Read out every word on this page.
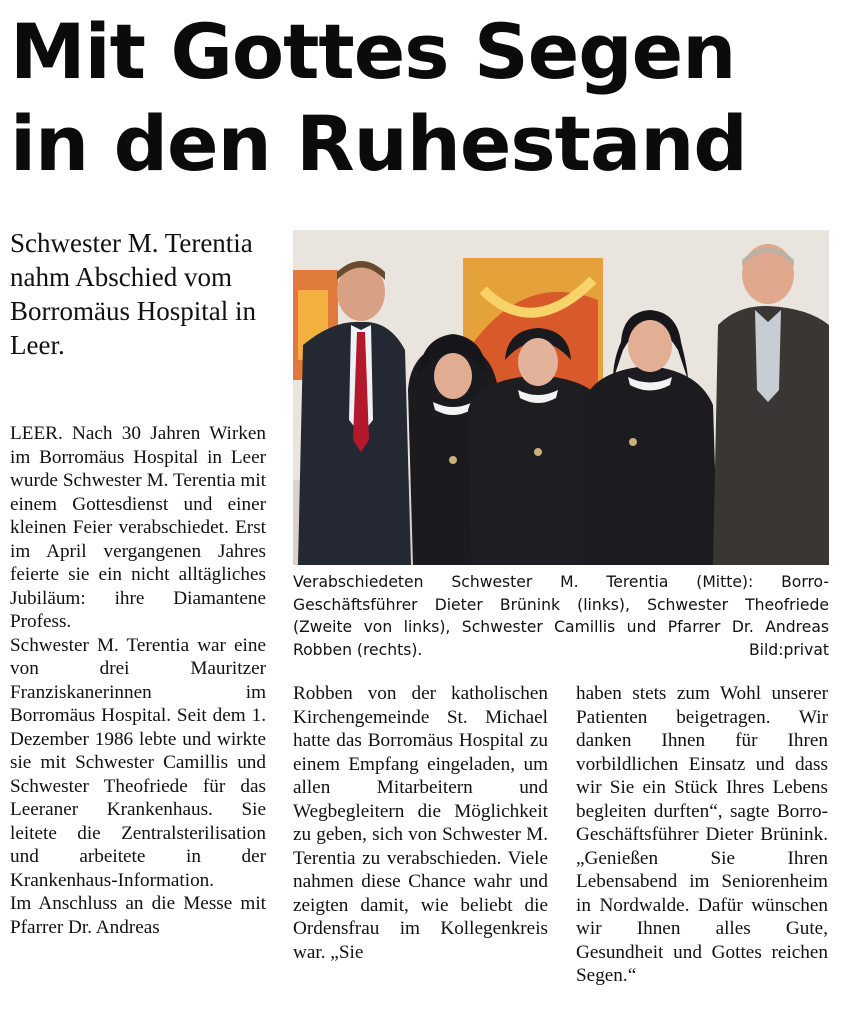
Mit Gottes Segen
in den Ruhestand
Schwester M. Terentia nahm Abschied vom Borromäus Hospital in Leer.

LEER. Nach 30 Jahren Wirken im Borromäus Hospital in Leer wurde Schwester M. Terentia mit einem Gottesdienst und einer kleinen Feier verabschiedet. Erst im April vergangenen Jahres feierte sie ein nicht alltägliches Jubiläum: ihre Diamantene Profess.

Schwester M. Terentia war eine von drei Mauritzer Franziskanerinnen im Borromäus Hospital. Seit dem 1. Dezember 1986 lebte und wirkte sie mit Schwester Camillis und Schwester Theofriede für das Leeraner Krankenhaus. Sie leitete die Zentralsterilisation und arbeitete in der Krankenhaus-Information.

Im Anschluss an die Messe mit Pfarrer Dr. Andreas

Verabschiedeten Schwester M. Terentia (Mitte): Borro-Geschäftsführer Dieter Brünink (links), Schwester Theofriede (Zweite von links), Schwester Camillis und Pfarrer Dr. Andreas Robben (rechts).	Bild:privat

Robben von der katholischen Kirchengemeinde St. Michael hatte das Borromäus Hospital zu einem Empfang eingeladen, um allen Mitarbeitern und Wegbegleitern die Möglichkeit zu geben, sich von Schwester M. Terentia zu verabschieden. Viele nahmen diese Chance wahr und zeigten damit, wie beliebt die Ordensfrau im Kollegenkreis war. „Sie

haben stets zum Wohl unserer Patienten beigetragen. Wir danken Ihnen für Ihren vorbildlichen Einsatz und dass wir Sie ein Stück Ihres Lebens begleiten durften“, sagte Borro-Geschäftsführer Dieter Brünink. „Genießen Sie Ihren Lebensabend im Seniorenheim in Nordwalde. Dafür wünschen wir Ihnen alles Gute, Gesundheit und Gottes reichen Segen.“
